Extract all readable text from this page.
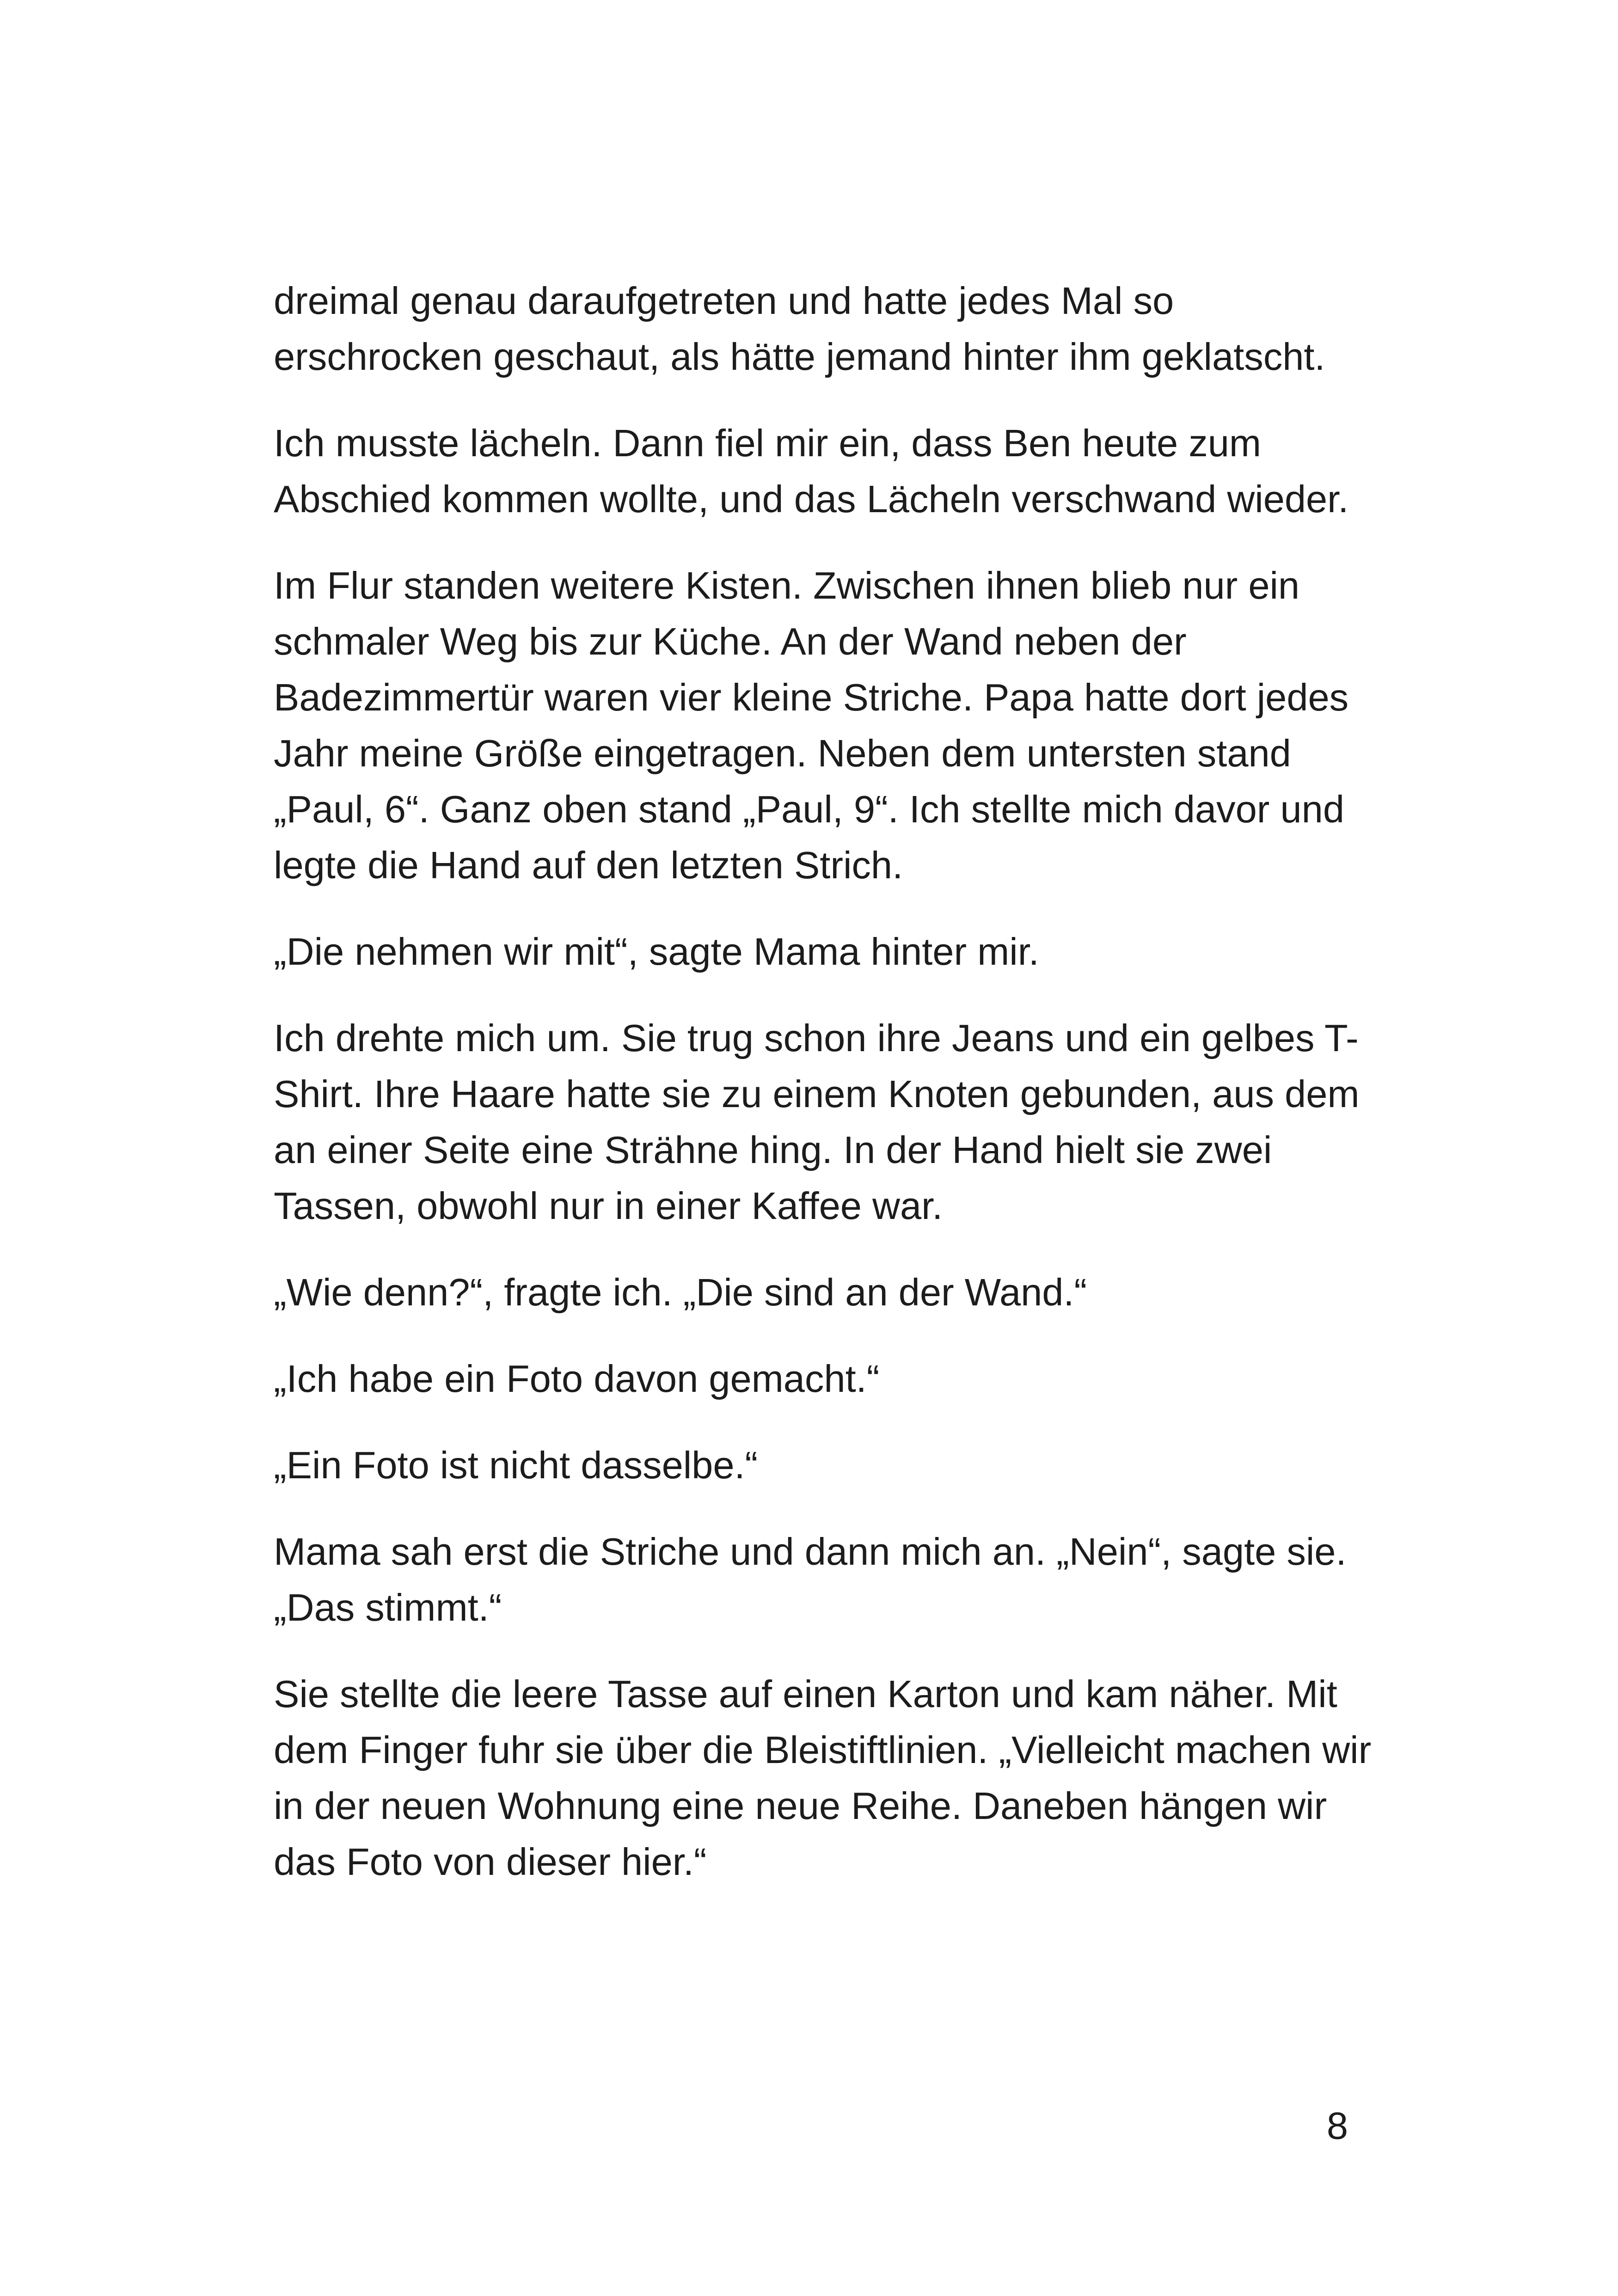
dreimal genau daraufgetreten und hatte jedes Mal so erschrocken geschaut, als hätte jemand hinter ihm geklatscht.

Ich musste lächeln. Dann fiel mir ein, dass Ben heute zum Abschied kommen wollte, und das Lächeln verschwand wieder.

Im Flur standen weitere Kisten. Zwischen ihnen blieb nur ein schmaler Weg bis zur Küche. An der Wand neben der Badezimmertür waren vier kleine Striche. Papa hatte dort jedes Jahr meine Größe eingetragen. Neben dem untersten stand „Paul, 6“. Ganz oben stand „Paul, 9“. Ich stellte mich davor und legte die Hand auf den letzten Strich.

„Die nehmen wir mit“, sagte Mama hinter mir.

Ich drehte mich um. Sie trug schon ihre Jeans und ein gelbes T-Shirt. Ihre Haare hatte sie zu einem Knoten gebunden, aus dem an einer Seite eine Strähne hing. In der Hand hielt sie zwei Tassen, obwohl nur in einer Kaffee war.

„Wie denn?“, fragte ich. „Die sind an der Wand.“

„Ich habe ein Foto davon gemacht.“

„Ein Foto ist nicht dasselbe.“

Mama sah erst die Striche und dann mich an. „Nein“, sagte sie. „Das stimmt.“

Sie stellte die leere Tasse auf einen Karton und kam näher. Mit dem Finger fuhr sie über die Bleistiftlinien. „Vielleicht machen wir in der neuen Wohnung eine neue Reihe. Daneben hängen wir das Foto von dieser hier.“

8
